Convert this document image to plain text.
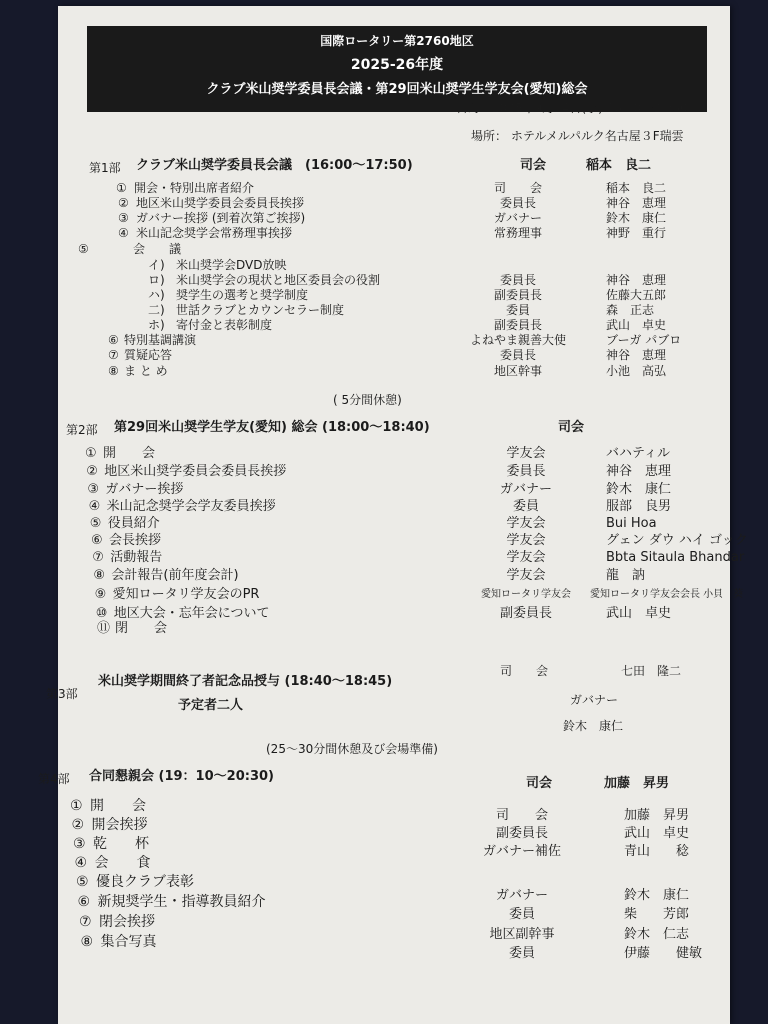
国際ロータリー第2760地区
2025-26年度
クラブ米山奨学委員長会議・第29回米山奨学生学友会(愛知)総会
日時：2025年9月24日(水) 16:00～20:30
場所： ホテルメルパルク名古屋３F瑞雲
第1部 クラブ米山奨学委員長会議　(16:00～17:50)	司会	稲本　良二
① 開会・特別出席者紹介	司　　会	稲本　良二
② 地区米山奨学委員会委員長挨拶	委員長	神谷　恵理
③ ガバナー挨拶 (到着次第ご挨拶)	ガバナー	鈴木　康仁
④ 米山記念奨学会常務理事挨拶	常務理事	神野　重行
⑤	会　　議
イ) 米山奨学会DVD放映
ロ) 米山奨学会の現状と地区委員会の役割	委員長	神谷　恵理
ハ) 奨学生の選考と奨学制度	副委員長	佐藤大五郎
二) 世話クラブとカウンセラー制度	委員	森　正志
ホ) 寄付金と表彰制度	副委員長	武山　卓史
⑥ 特別基調講演	よねやま親善大使	ブーガ パブロ
⑦ 質疑応答	委員長	神谷　恵理
⑧ ま と め	地区幹事	小池　高弘
( 5分間休憩)
第2部 第29回米山奨学生学友(愛知) 総会 (18:00～18:40)	司会
① 開　　会	学友会	バハティル
② 地区米山奨学委員会委員長挨拶	委員長	神谷　恵理
③ ガバナー挨拶	ガバナー	鈴木　康仁
④ 米山記念奨学会学友委員挨拶	委員	服部　良男
⑤ 役員紹介	学友会	Bui Hoa
⑥ 会長挨拶	学友会	グェン ダウ ハイ ゴック
⑦ 活動報告	学友会	Bbta Sitaula Bhandar
⑧ 会計報告(前年度会計)	学友会	龍　訥
⑨ 愛知ロータリ学友会のPR	愛知ロータリ学友会	愛知ロータリ学友会会長 小貝　葵
⑩ 地区大会・忘年会について	副委員長	武山　卓史
⑪ 閉　　会
第3部
米山奨学期間終了者記念品授与 (18:40～18:45)
予定者二人
司　　会	七田　隆二
ガバナー
鈴木　康仁
(25～30分間休憩及び会場準備)
第4部 合同懇親会 (19：10～20:30)	司会	加藤　昇男
① 開　　会
② 開会挨拶
③ 乾　　杯
④ 会　　食
⑤ 優良クラブ表彰
⑥ 新規奨学生・指導教員紹介
⑦ 閉会挨拶
⑧ 集合写真
司　　会	加藤　昇男
副委員長	武山　卓史
ガバナー補佐	青山　　稔
ガバナー	鈴木　康仁
委員	柴　　芳郎
地区副幹事	鈴木　仁志
委員	伊藤　　健敏
